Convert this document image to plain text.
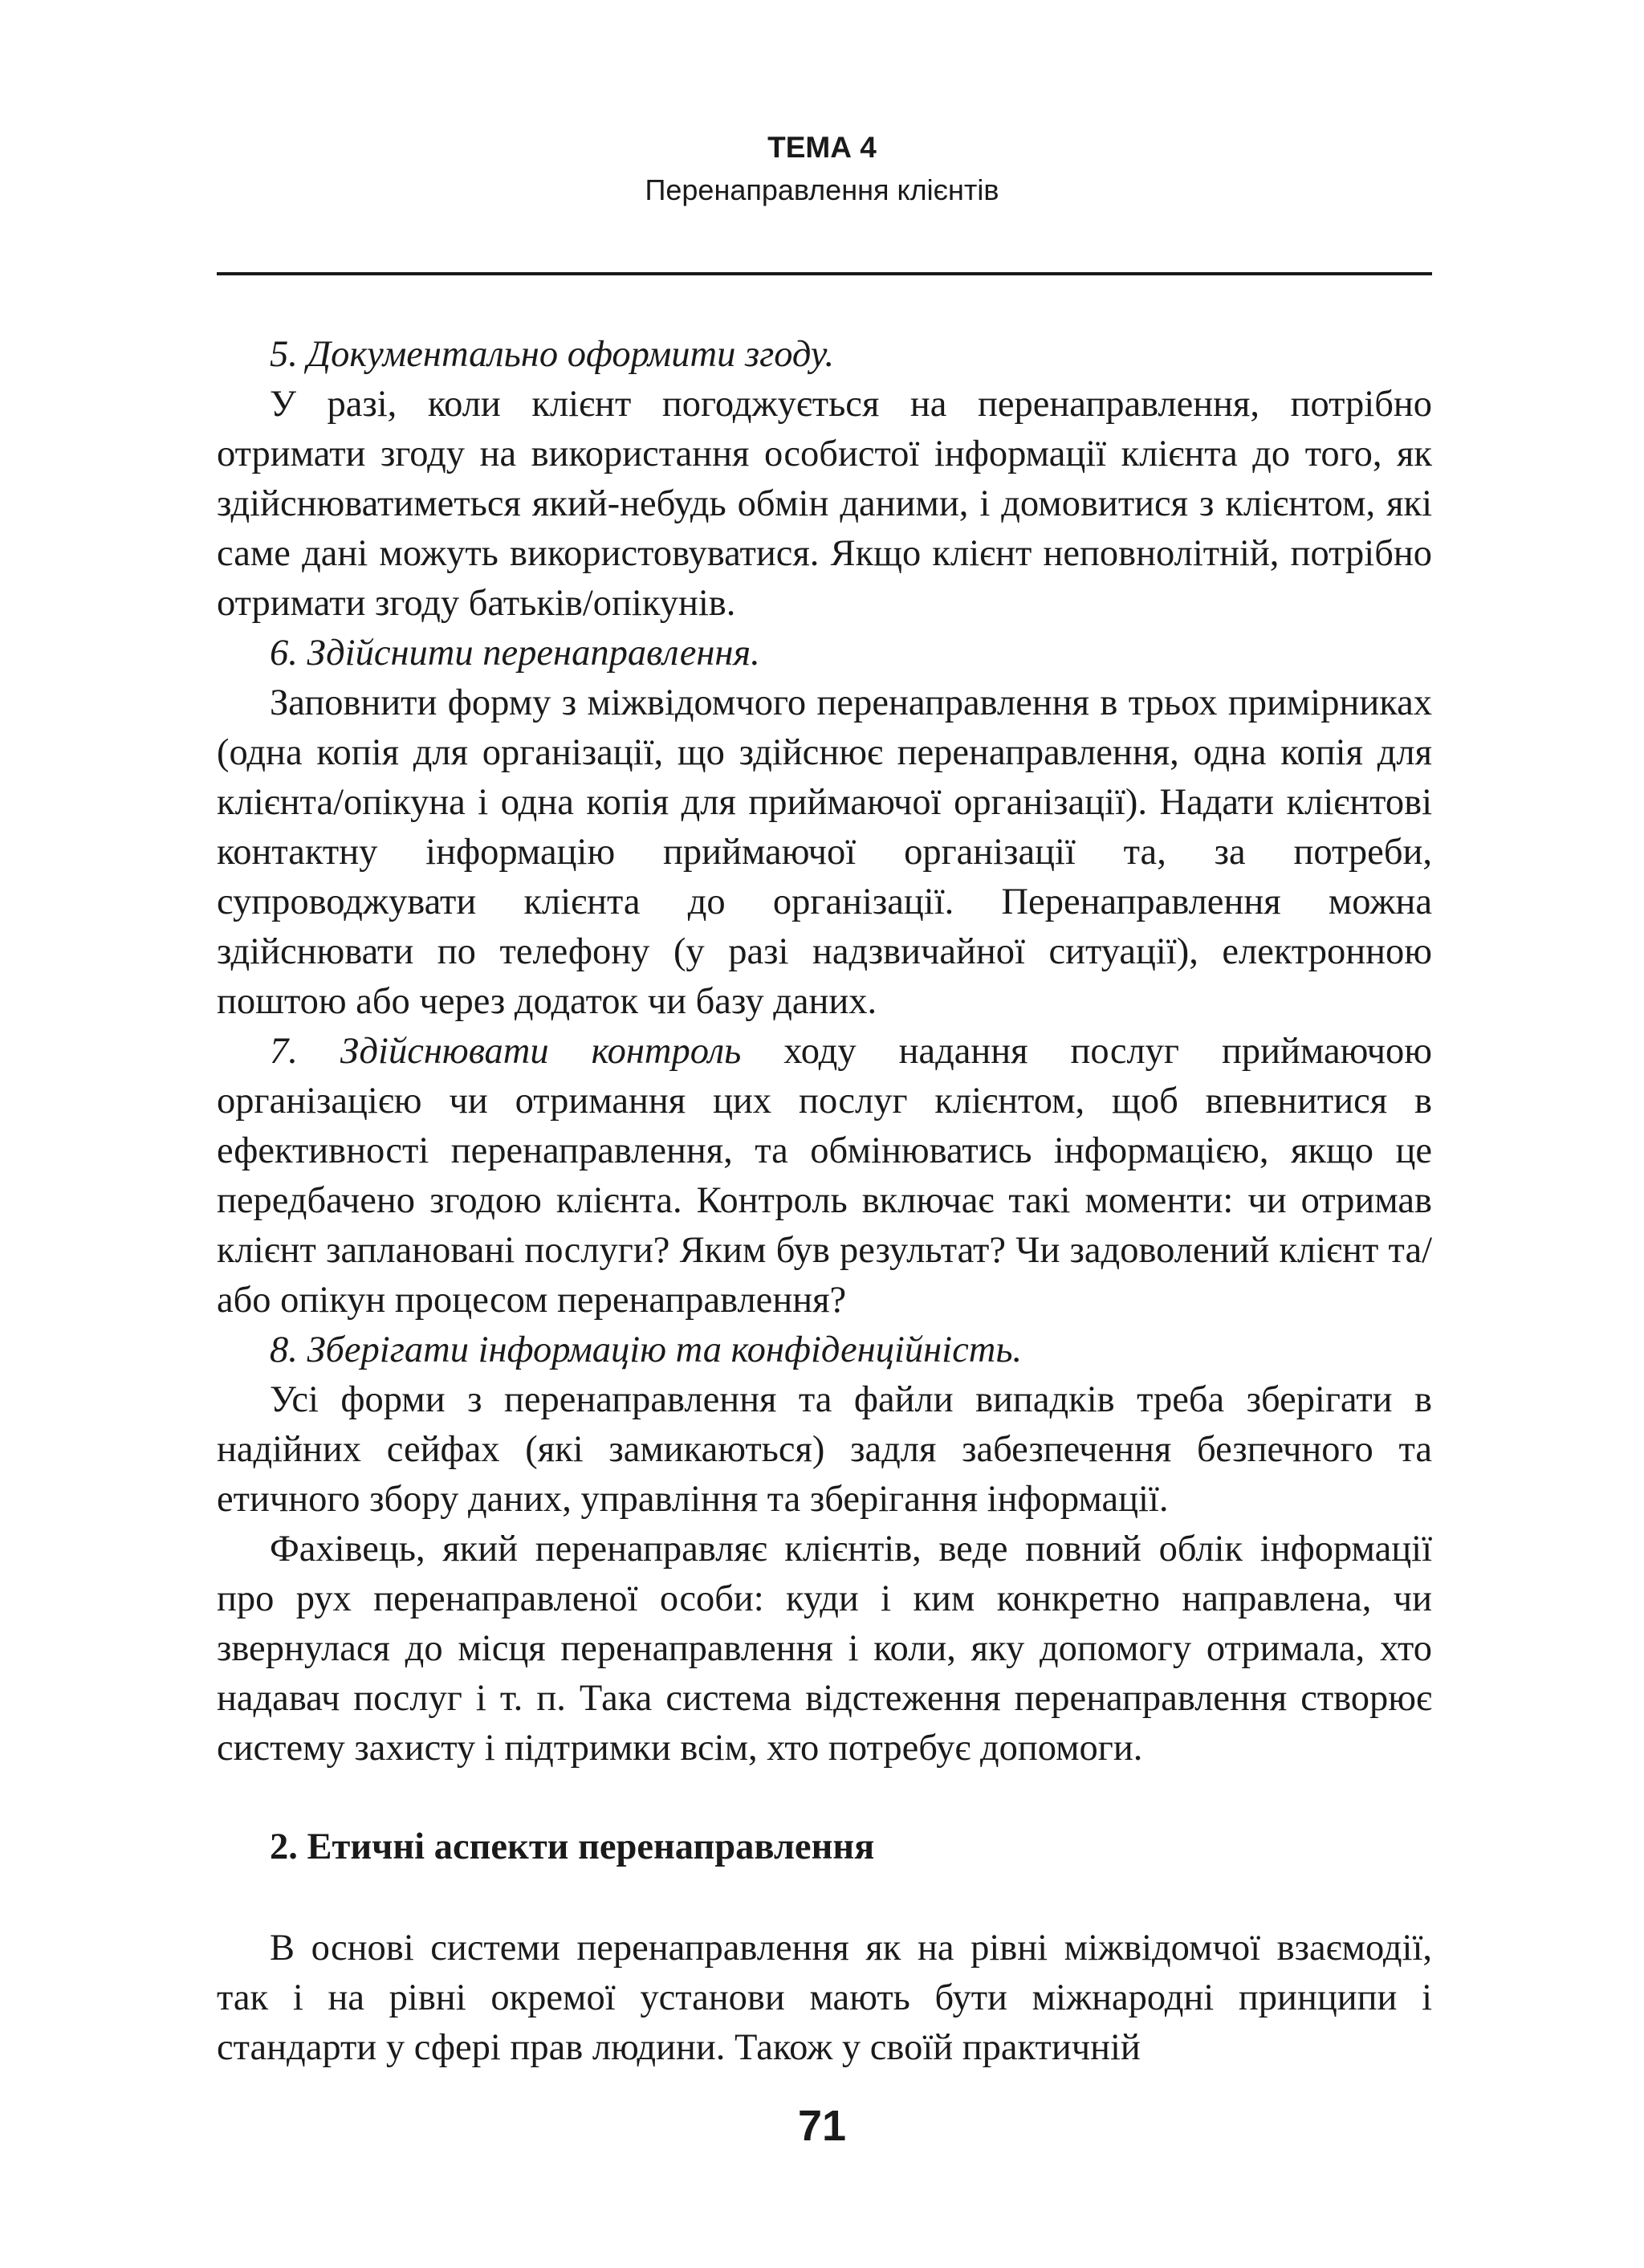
ТЕМА 4
Перенаправлення клієнтів

5. Документально оформити згоду.

У разі, коли клієнт погоджується на перенаправлення, потрібно отримати згоду на використання особистої інформації клієнта до того, як здійснюватиметься який-небудь обмін даними, і домовитися з клієнтом, які саме дані можуть використовуватися. Якщо клієнт неповнолітній, потрібно отримати згоду батьків/опікунів.

6. Здійснити перенаправлення.

Заповнити форму з міжвідомчого перенаправлення в трьох примірниках (одна копія для організації, що здійснює перенаправлення, одна копія для клієнта/опікуна і одна копія для приймаючої організації). Надати клієнтові контактну інформацію приймаючої організації та, за потреби, супроводжувати клієнта до організації. Перенаправлення можна здійснювати по телефону (у разі надзвичайної ситуації), електронною поштою або через додаток чи базу даних.

7. Здійснювати контроль ходу надання послуг приймаючою організацією чи отримання цих послуг клієнтом, щоб впевнитися в ефективності перенаправлення, та обмінюватись інформацією, якщо це передбачено згодою клієнта. Контроль включає такі моменти: чи отримав клієнт заплановані послуги? Яким був результат? Чи задоволений клієнт та/або опікун процесом перенаправлення?

8. Зберігати інформацію та конфіденційність.

Усі форми з перенаправлення та файли випадків треба зберігати в надійних сейфах (які замикаються) задля забезпечення безпечного та етичного збору даних, управління та зберігання інформації.

Фахівець, який перенаправляє клієнтів, веде повний облік інформації про рух перенаправленої особи: куди і ким конкретно направлена, чи звернулася до місця перенаправлення і коли, яку допомогу отримала, хто надавач послуг і т. п. Така система відстеження перенаправлення створює систему захисту і підтримки всім, хто потребує допомоги.

2. Етичні аспекти перенаправлення

В основі системи перенаправлення як на рівні міжвідомчої взаємодії, так і на рівні окремої установи мають бути міжнародні принципи і стандарти у сфері прав людини. Також у своїй практичній

71
